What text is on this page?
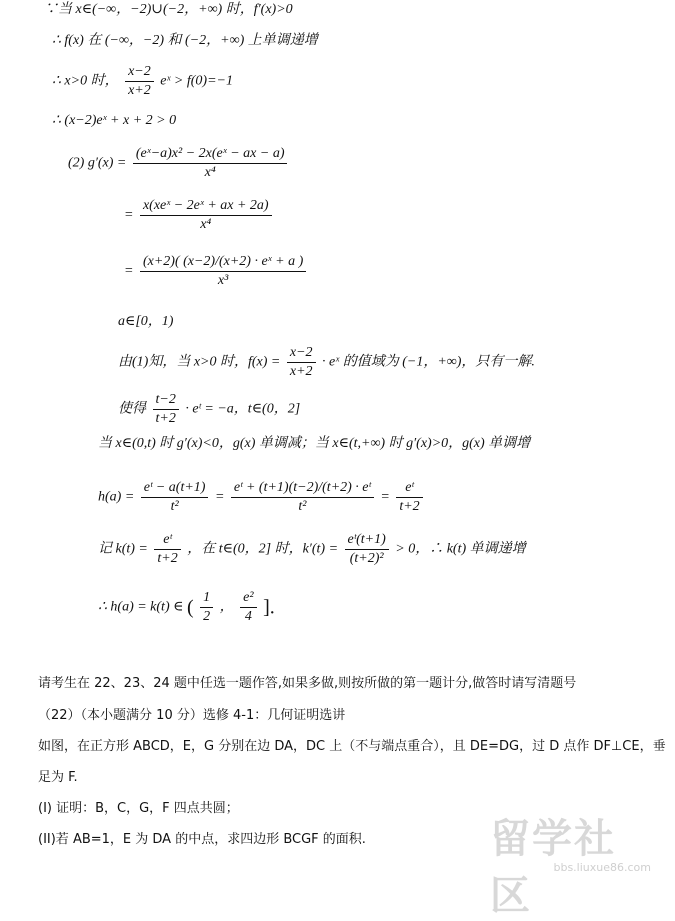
∵当 x∈(−∞，−2)∪(−2，+∞) 时，f′(x)>0
∴ f(x) 在 (−∞，−2) 和 (−2，+∞) 上单调递增
∴ x>0 时， $\frac{x-2}{x+2}$ eˣ > f(0)=−1
∴ (x−2)eˣ + x + 2 > 0
(2) $g'(x) = \frac{\text{(eˣ−a)x² − 2x(eˣ − ax − a)}}{\text{x⁴}}$
= $\frac{\text{x(xeˣ − 2eˣ + ax + 2a)}}{\text{x⁴}}$
= $\frac{\text{(x+2)( (x−2)/(x+2) · eˣ + a )}}{\text{x³}}$
a∈[0，1)
由(1)知，当 x>0 时，$f(x) = \frac{x-2}{x+2}$ · eˣ 的值域为 (−1，+∞)，只有一解.
使得 $\frac{t-2}{t+2}$ · eᵗ = −a，t∈(0，2]
当 x∈(0,t) 时 g′(x)<0，g(x) 单调减；当 x∈(t,+∞) 时 g′(x)>0，g(x) 单调增
$h(a) = \frac{\text{eᵗ − a(t+1)}}{\text{t²}} = \frac{\text{eᵗ + (t+1)(t−2)/(t+2) · eᵗ}}{\text{t²}} = \frac{\text{eᵗ}}{t+2}$
记 $k(t) = \frac{\text{eᵗ}}{t+2}$ ，在 t∈(0，2] 时，$k'(t) = \frac{\text{eᵗ(t+1)}}{\text{(t+2)²}} > 0$，∴ k(t) 单调递增
∴ h(a) = k(t) ∈ ( $\frac{1}{2}$ ， $\frac{\text{e²}}{4}$ ].
请考生在 22、23、24 题中任选一题作答,如果多做,则按所做的第一题计分,做答时请写清题号
（22）（本小题满分 10 分）选修 4-1：几何证明选讲
如图，在正方形 ABCD，E，G 分别在边 DA，DC 上（不与端点重合），且 DE=DG，过 D 点作 DF⊥CE，垂
足为 F.
(I) 证明：B，C，G，F 四点共圆；
(II)若 AB=1，E 为 DA 的中点，求四边形 BCGF 的面积.	留学社区
bbs.liuxue86.com
